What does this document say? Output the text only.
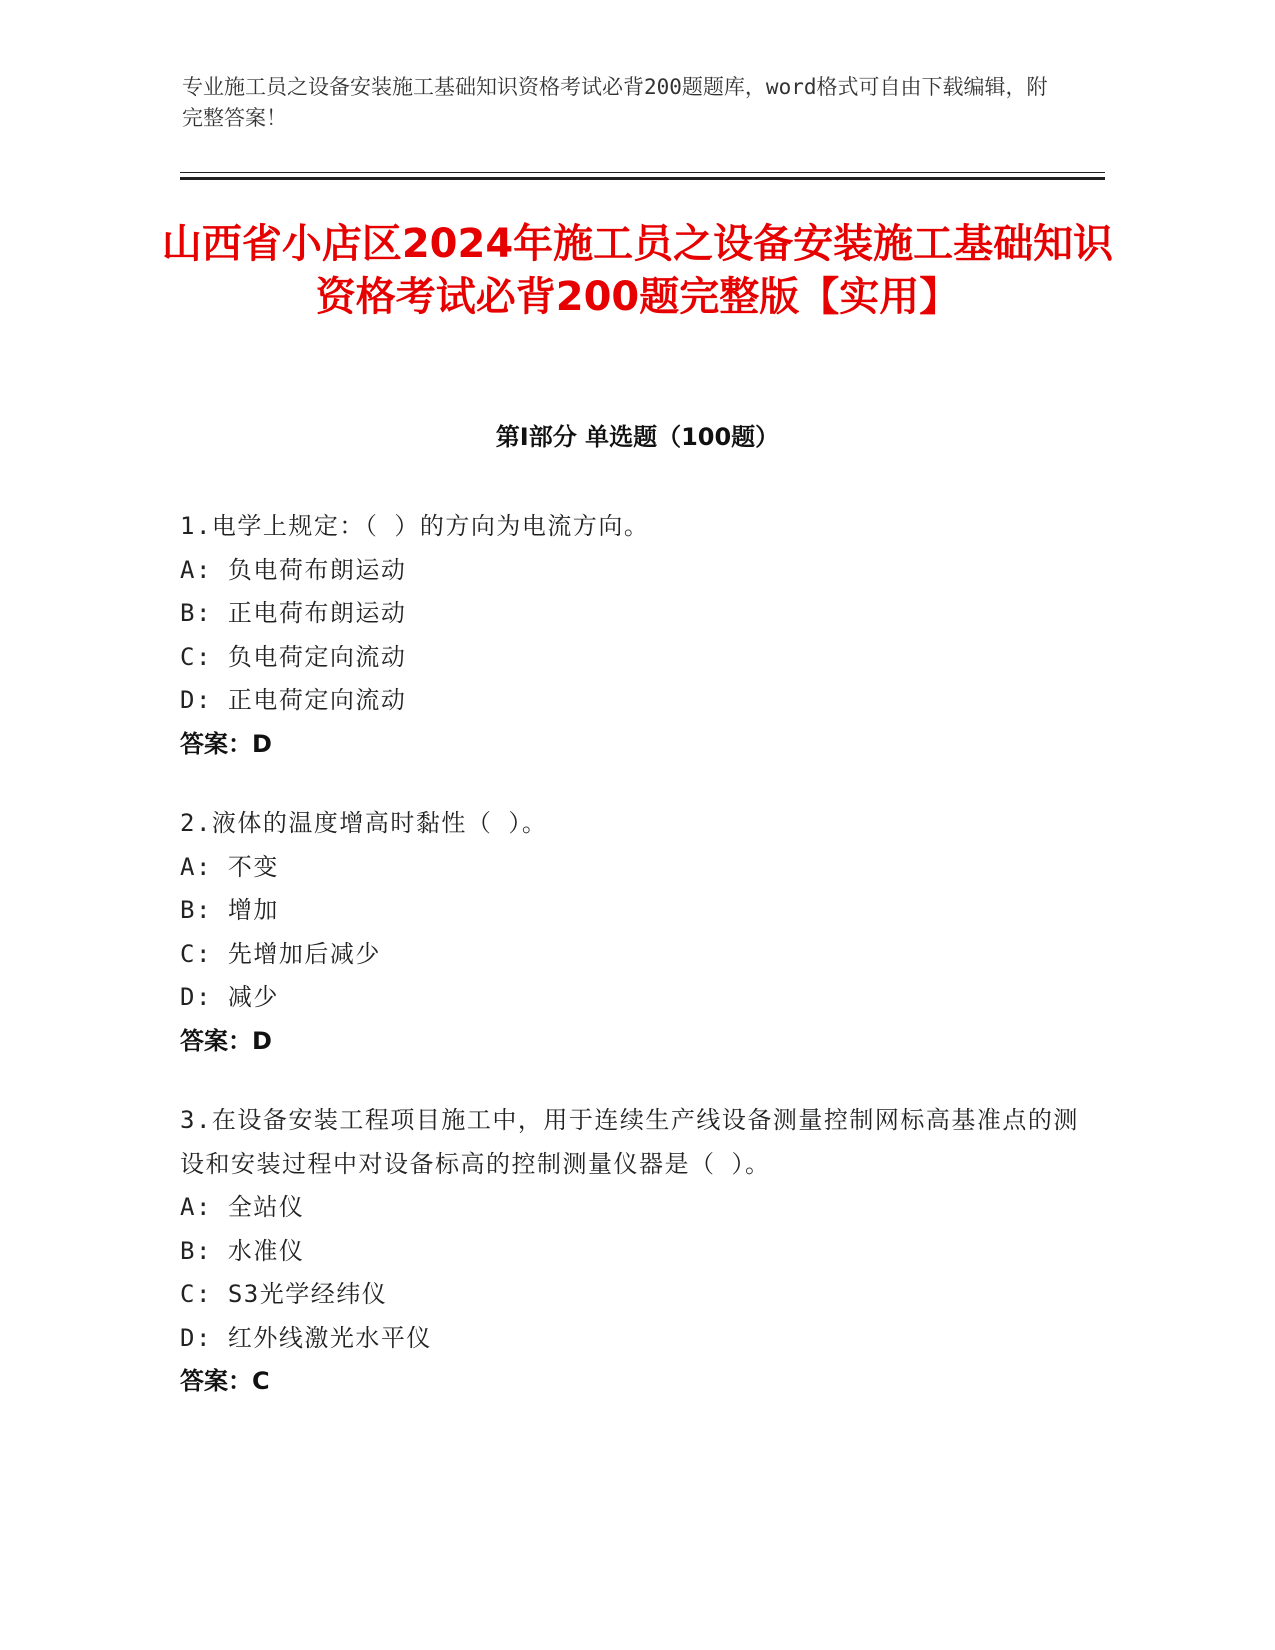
专业施工员之设备安装施工基础知识资格考试必背200题题库，word格式可自由下载编辑，附完整答案！
山西省小店区2024年施工员之设备安装施工基础知识资格考试必背200题完整版【实用】
第I部分 单选题（100题）
1.电学上规定：（ ）的方向为电流方向。
A: 负电荷布朗运动
B: 正电荷布朗运动
C: 负电荷定向流动
D: 正电荷定向流动
答案：D
2.液体的温度增高时黏性（ ）。
A: 不变
B: 增加
C: 先增加后减少
D: 减少
答案：D
3.在设备安装工程项目施工中，用于连续生产线设备测量控制网标高基准点的测设和安装过程中对设备标高的控制测量仪器是（ ）。
A: 全站仪
B: 水准仪
C: S3光学经纬仪
D: 红外线激光水平仪
答案：C
